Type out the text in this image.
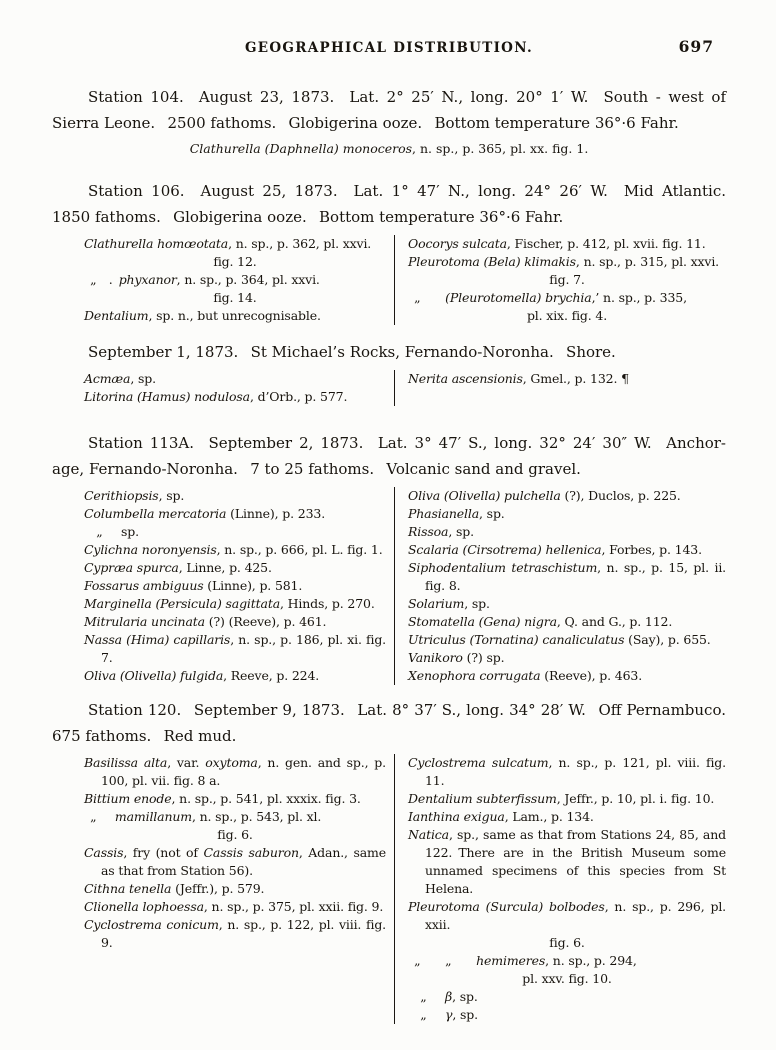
GEOGRAPHICAL DISTRIBUTION.	697
Station 104.  August 23, 1873.  Lat. 2° 25′ N., long. 20° 1′ W.  South - west of
Sierra Leone.  2500 fathoms.  Globigerina ooze.  Bottom temperature 36°·6 Fahr.
Clathurella (Daphnella) monoceros, n. sp., p. 365, pl. xx. fig. 1.
Station 106.  August 25, 1873.  Lat. 1° 47′ N., long. 24° 26′ W.  Mid Atlantic.
1850 fathoms.  Globigerina ooze.  Bottom temperature 36°·6 Fahr.
Clathurella homœotata, n. sp., p. 362, pl. xxvi.
fig. 12.
 „ . phyxanor, n. sp., p. 364, pl. xxvi.
fig. 14.
Dentalium, sp. n., but unrecognisable.
Oocorys sulcata, Fischer, p. 412, pl. xvii. fig. 11.
Pleurotoma (Bela) klimakis, n. sp., p. 315, pl. xxvi.
fig. 7.
 „  (Pleurotomella) brychia,’ n. sp., p. 335,
pl. xix. fig. 4.
September 1, 1873.  St Michael’s Rocks, Fernando-Noronha.  Shore.
Acmæa, sp.
Litorina (Hamus) nodulosa, d’Orb., p. 577.
Nerita ascensionis, Gmel., p. 132. ¶
Station 113A.  September 2, 1873.  Lat. 3° 47′ S., long. 32° 24′ 30″ W.  Anchor-
age, Fernando-Noronha.  7 to 25 fathoms.  Volcanic sand and gravel.
Cerithiopsis, sp.
Columbella mercatoria (Linne), p. 233.
  „  sp.
Cylichna noronyensis, n. sp., p. 666, pl. L. fig. 1.
Cypræa spurca, Linne, p. 425.
Fossarus ambiguus (Linne), p. 581.
Marginella (Persicula) sagittata, Hinds, p. 270.
Mitrularia uncinata (?) (Reeve), p. 461.
Nassa (Hima) capillaris, n. sp., p. 186, pl. xi. fig. 7.
Oliva (Olivella) fulgida, Reeve, p. 224.
Oliva (Olivella) pulchella (?), Duclos, p. 225.
Phasianella, sp.
Rissoa, sp.
Scalaria (Cirsotrema) hellenica, Forbes, p. 143.
Siphodentalium tetraschistum, n. sp., p. 15, pl. ii. fig. 8.
Solarium, sp.
Stomatella (Gena) nigra, Q. and G., p. 112.
Utriculus (Tornatina) canaliculatus (Say), p. 655.
Vanikoro (?) sp.
Xenophora corrugata (Reeve), p. 463.
Station 120.  September 9, 1873.  Lat. 8° 37′ S., long. 34° 28′ W.  Off Pernambuco.
675 fathoms.  Red mud.
Basilissa alta, var. oxytoma, n. gen. and sp., p. 100, pl. vii. fig. 8 a.
Bittium enode, n. sp., p. 541, pl. xxxix. fig. 3.
 „  mamillanum, n. sp., p. 543, pl. xl.
fig. 6.
Cassis, fry (not of Cassis saburon, Adan., same as that from Station 56).
Cithna tenella (Jeffr.), p. 579.
Clionella lophoessa, n. sp., p. 375, pl. xxii. fig. 9.
Cyclostrema conicum, n. sp., p. 122, pl. viii. fig. 9.
Cyclostrema sulcatum, n. sp., p. 121, pl. viii. fig. 11.
Dentalium subterfissum, Jeffr., p. 10, pl. i. fig. 10.
Ianthina exigua, Lam., p. 134.
Natica, sp., same as that from Stations 24, 85, and 122. There are in the British Museum some unnamed specimens of this species from St Helena.
Pleurotoma (Surcula) bolbodes, n. sp., p. 296, pl. xxii.
fig. 6.
 „  „  hemimeres, n. sp., p. 294,
pl. xxv. fig. 10.
  „  β, sp.
  „  γ, sp.
